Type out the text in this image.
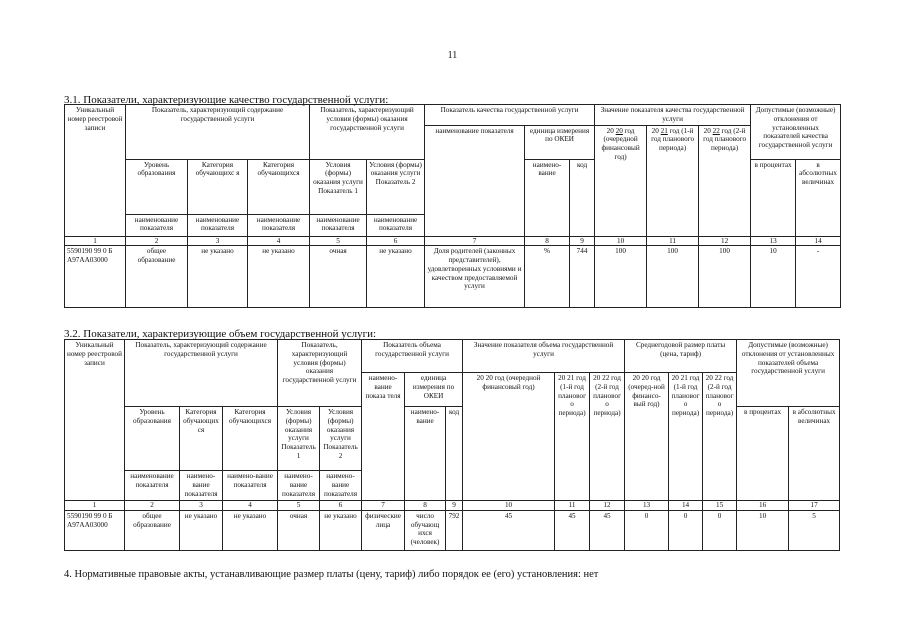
11
3.1. Показатели, характеризующие качество государственной услуги:
Уникальный номер реестровой записи	Показатель, характеризующий содержание государственной услуги			Показатель, характеризующий условия (формы) оказания государственной услуги		Показатель качества государственной услуги			Значение показателя качества государственной услуги			Допустимые (возможные) отклонения от установленных показателей качества государственной услуги	
						наименование показателя	единица измерения по ОКЕИ		20 20 год (очередной финансовый год)	20 21 год (1-й год планового периода)	20 22 год (2-й год планового периода)		
	Уровень образования	Категория обучающихс я	Категория обучающихся	Условия (формы) оказания услуги Показатель 1	Условия (формы) оказания услуги Показатель 2		наимено-вание	код				в процентах	в абсолютных величинах
	наименование показателя	наименование показателя	наименование показателя	наименование показателя	наименование показателя								
1	2	3	4	5	6	7	8	9	10	11	12	13	14
5590190 99 0 Б А97АА03000	общее образование	не указано	не указано	очная	не указано	Доля родителей (законных представителей), удовлетворенных условиями и качеством предоставляемой услуги	%	744	100	100	100	10	-
3.2. Показатели, характеризующие объем государственной услуги:
Уникальный номер реестровой записи	Показатель, характеризующий содержание государственной услуги			Показатель, характеризующий условия (формы) оказания государственной услуги		Показатель объема государственной услуги			Значение показателя объема государственной услуги			Среднегодовой размер платы (цена, тариф)			Допустимые (возможные) отклонения от установленных показателей объема государственной услуги	
						наимено-вание показа теля	единица измерения по ОКЕИ		20 20 год (очередной финансовый год)	20 21 год (1-й год планового периода)	20 22 год (2-й год планового периода)	20 20 год (очеред-ной финансо-вый год)	20 21 год (1-й год планового периода)	20 22 год (2-й год планового периода)		
	Уровень образования	Категория обучающих ся	Категория обучающихся	Условия (формы) оказания услуги Показатель 1	Условия (формы) оказания услуги Показатель 2		наимено-вание	код							в процентах	в абсолютных величинах
	наименование показателя	наимено-вание показателя	наимено-вание показателя	наимено-вание показателя	наимено-вание показателя											
1	2	3	4	5	6	7	8	9	10	11	12	13	14	15	16	17
5590190 99 0 Б А97АА03000	общее образование	не указано	не указано	очная	не указано	физические лица	число обучающ ихся (человек)	792	45	45	45	0	0	0	10	5
4. Нормативные правовые акты, устанавливающие размер платы (цену, тариф) либо порядок ее (его) установления: нет
